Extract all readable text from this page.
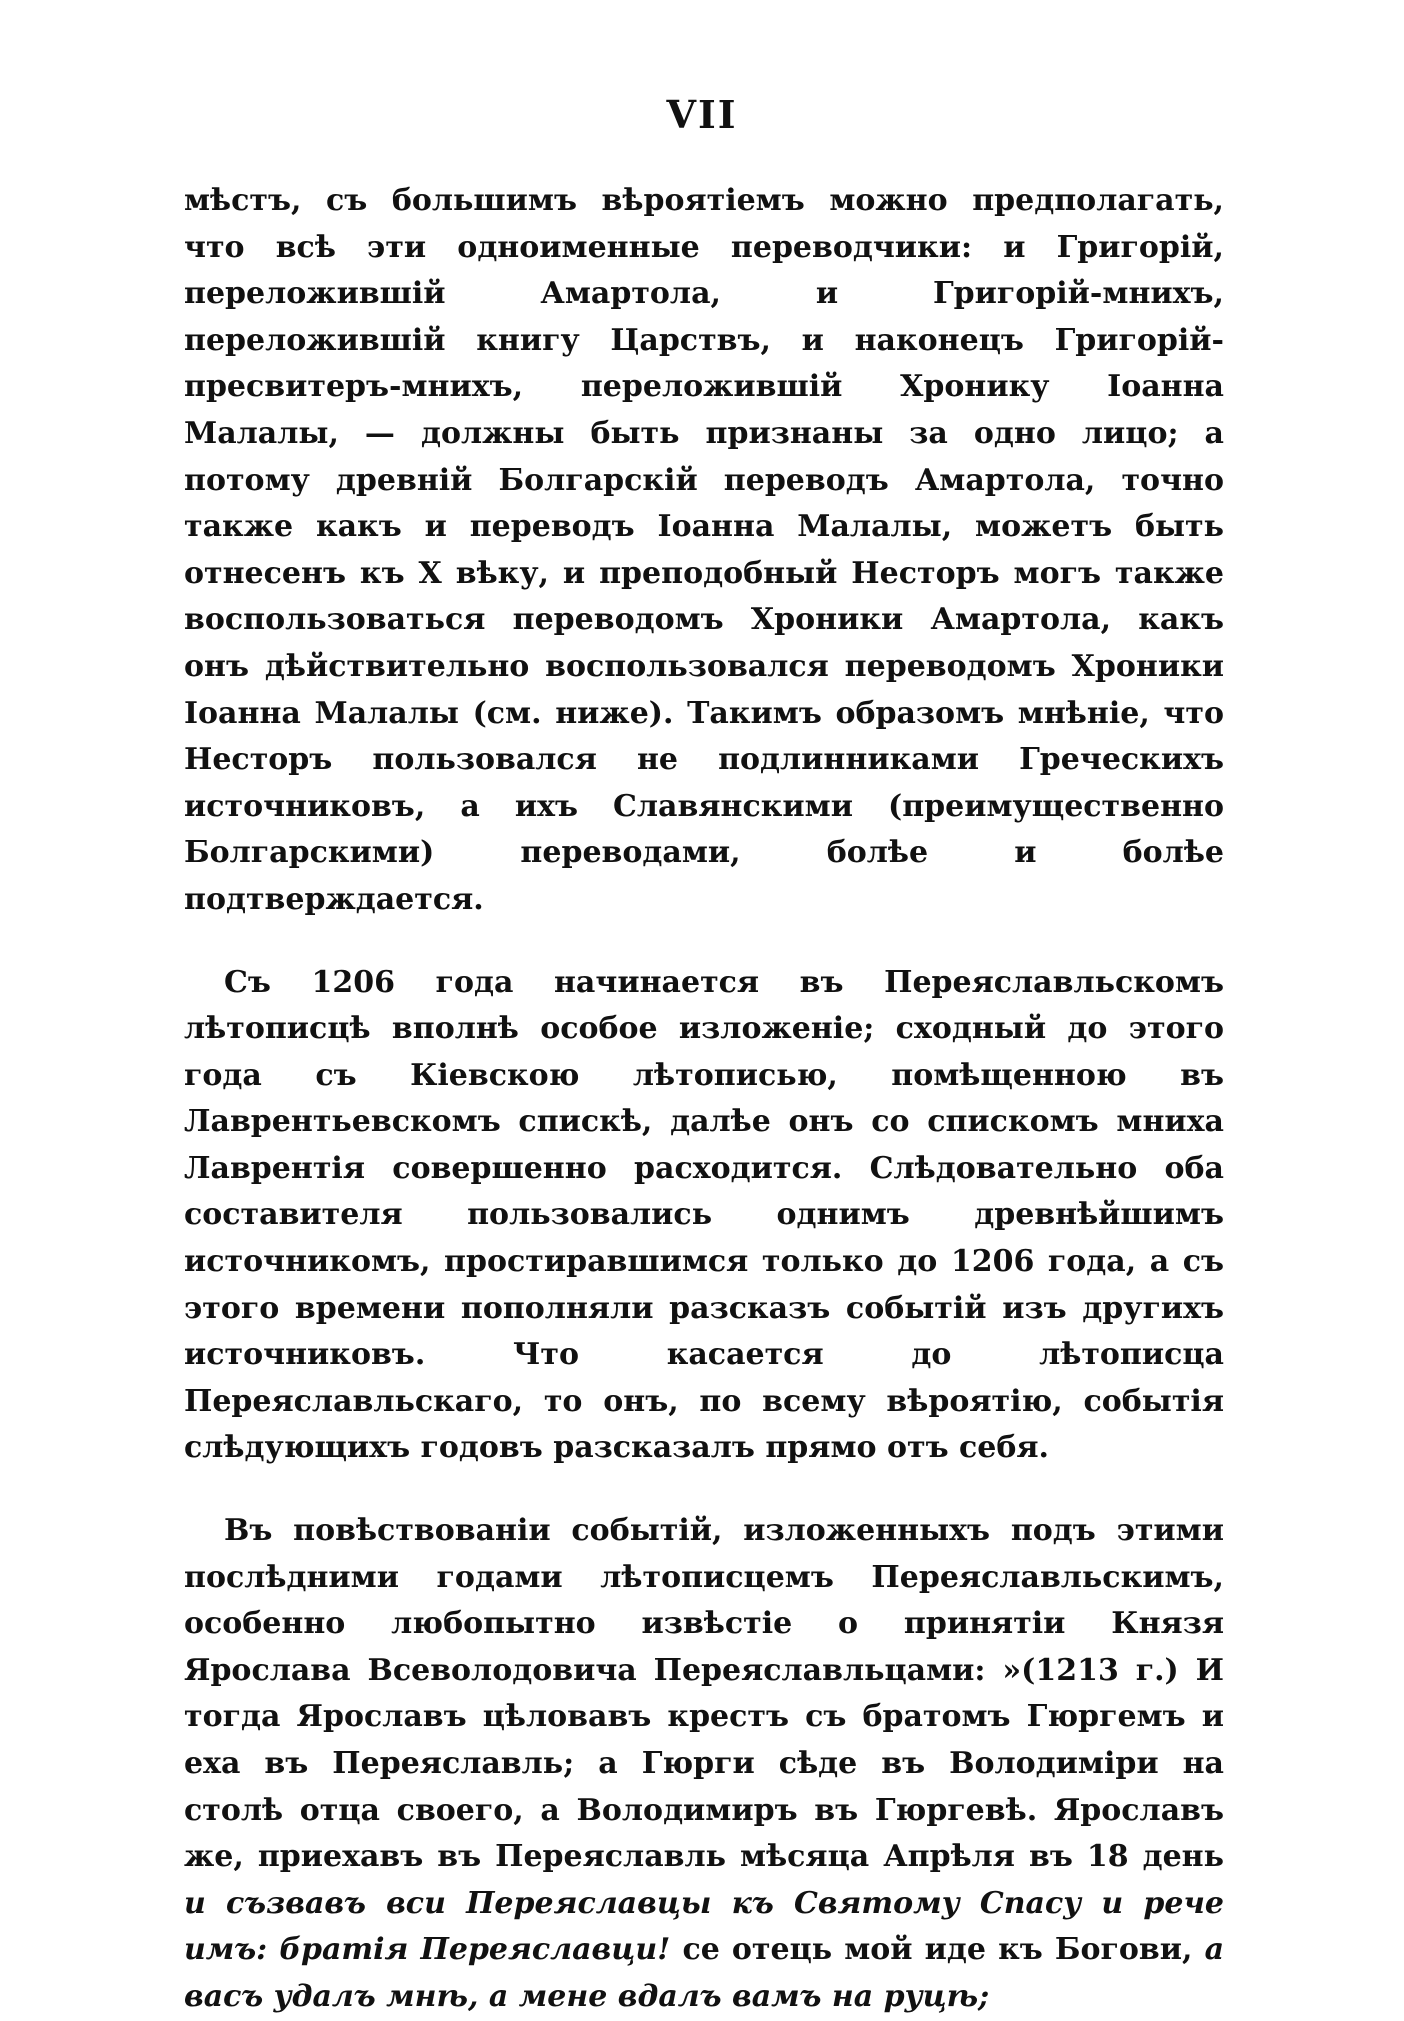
VII

мѣстъ, съ большимъ вѣроятіемъ можно предполагать, что всѣ эти одноименные переводчики: и Григорій, переложившій Амартола, и Григорій-мнихъ, переложившій книгу Царствъ, и наконецъ Григорій-пресвитеръ-мнихъ, переложившій Хронику Іоанна Малалы, — должны быть признаны за одно лицо; а потому древній Болгарскій переводъ Амартола, точно также какъ и переводъ Іоанна Малалы, можетъ быть отнесенъ къ X вѣку, и преподобный Несторъ могъ также воспользоваться переводомъ Хроники Амартола, какъ онъ дѣйствительно воспользовался переводомъ Хроники Іоанна Малалы (см. ниже). Такимъ образомъ мнѣніе, что Несторъ пользовался не подлинниками Греческихъ источниковъ, а ихъ Славянскими (преимущественно Болгарскими) переводами, болѣе и болѣе подтверждается.

Съ 1206 года начинается въ Переяславльскомъ лѣтописцѣ вполнѣ особое изложеніе; сходный до этого года съ Кіевскою лѣтописью, помѣщенною въ Лаврентьевскомъ спискѣ, далѣе онъ со спискомъ мниха Лаврентія совершенно расходится. Слѣдовательно оба составителя пользовались однимъ древнѣйшимъ источникомъ, простиравшимся только до 1206 года, а съ этого времени пополняли разсказъ событій изъ другихъ источниковъ. Что касается до лѣтописца Переяславльскаго, то онъ, по всему вѣроятію, событія слѣдующихъ годовъ разсказалъ прямо отъ себя.

Въ повѣствованіи событій, изложенныхъ подъ этими послѣдними годами лѣтописцемъ Переяславльскимъ, особенно любопытно извѣстіе о принятіи Князя Ярослава Всеволодовича Переяславльцами: »(1213 г.) И тогда Ярославъ цѣловавъ крестъ съ братомъ Гюргемъ и еха въ Переяславль; а Гюрги сѣде въ Володиміри на столѣ отца своего, а Володимиръ въ Гюргевѣ. Ярославъ же, приехавъ въ Переяславль мѣсяца Апрѣля въ 18 день и съзвавъ вси Переяславцы къ Святому Спасу и рече имъ: братія Переяславци! се отець мой иде къ Богови, а васъ удалъ мнѣ, а мене вдалъ вамъ на руцѣ;
